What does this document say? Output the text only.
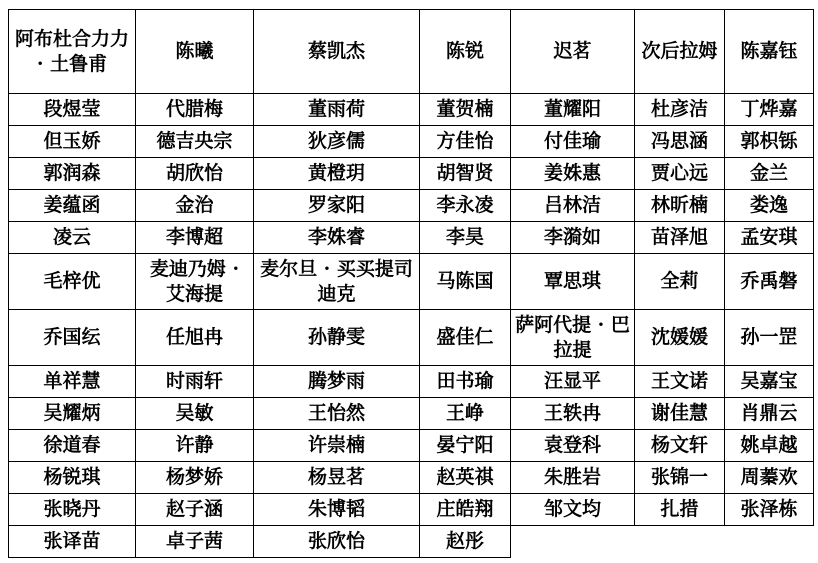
阿布杜合力力 · 土鲁甫	陈曦	蔡凯杰	陈锐	迟茗	次后拉姆	陈嘉钰
段煜莹	代腊梅	董雨荷	董贺楠	董耀阳	杜彦洁	丁烨嘉
但玉娇	德吉央宗	狄彦儒	方佳怡	付佳瑜	冯思涵	郭枳铄
郭润森	胡欣怡	黄橙玥	胡智贤	姜姝惠	贾心远	金兰
姜蕴函	金治	罗家阳	李永凌	吕林洁	林昕楠	娄逸
凌云	李博超	李姝睿	李昊	李漪如	苗泽旭	孟安琪
毛梓优	麦迪乃姆 · 艾海提	麦尔旦 · 买买提司迪克	马陈国	覃思琪	全莉	乔禹磐
乔国纭	任旭冉	孙静雯	盛佳仁	萨阿代提 · 巴拉提	沈媛媛	孙一罡
单祥慧	时雨轩	腾梦雨	田书瑜	汪显平	王文诺	吴嘉宝
吴耀炳	吴敏	王怡然	王峥	王轶冉	谢佳慧	肖鼎云
徐道春	许静	许崇楠	晏宁阳	袁登科	杨文轩	姚卓越
杨锐琪	杨梦娇	杨昱茗	赵英祺	朱胜岩	张锦一	周蓁欢
张晓丹	赵子涵	朱博韬	庄皓翔	邹文均	扎措	张泽栋
张译苗	卓子茜	张欣怡	赵彤			
